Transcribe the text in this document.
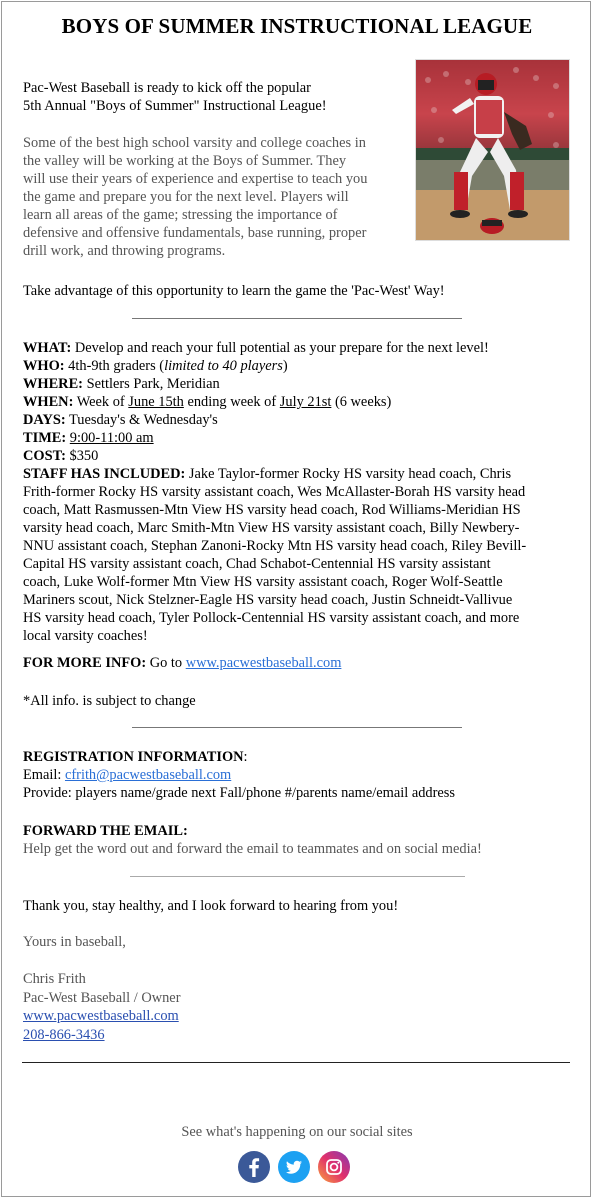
BOYS OF SUMMER INSTRUCTIONAL LEAGUE

Pac-West Baseball is ready to kick off the popular

5th Annual "Boys of Summer" Instructional League!

Some of the best high school varsity and college coaches in

the valley will be working at the Boys of Summer. They

will use their years of experience and expertise to teach you

the game and prepare you for the next level. Players will

learn all areas of the game; stressing the importance of

defensive and offensive fundamentals, base running, proper

drill work, and throwing programs.

Take advantage of this opportunity to learn the game the 'Pac-West' Way!

WHAT: Develop and reach your full potential as your prepare for the next level!

WHO: 4th-9th graders (limited to 40 players)

WHERE: Settlers Park, Meridian

WHEN: Week of June 15th ending week of July 21st (6 weeks)

DAYS: Tuesday's & Wednesday's

TIME: 9:00-11:00 am

COST: $350

STAFF HAS INCLUDED: Jake Taylor-former Rocky HS varsity head coach, Chris

Frith-former Rocky HS varsity assistant coach, Wes McAllaster-Borah HS varsity head

coach, Matt Rasmussen-Mtn View HS varsity head coach, Rod Williams-Meridian HS

varsity head coach, Marc Smith-Mtn View HS varsity assistant coach, Billy Newbery-

NNU assistant coach, Stephan Zanoni-Rocky Mtn HS varsity head coach, Riley Bevill-

Capital HS varsity assistant coach, Chad Schabot-Centennial HS varsity assistant

coach, Luke Wolf-former Mtn View HS varsity assistant coach, Roger Wolf-Seattle

Mariners scout, Nick Stelzner-Eagle HS varsity head coach, Justin Schneidt-Vallivue

HS varsity head coach, Tyler Pollock-Centennial HS varsity assistant coach, and more

local varsity coaches!

FOR MORE INFO: Go to www.pacwestbaseball.com

*All info. is subject to change

REGISTRATION INFORMATION:

Email: cfrith@pacwestbaseball.com

Provide: players name/grade next Fall/phone #/parents name/email address

FORWARD THE EMAIL:

Help get the word out and forward the email to teammates and on social media!

Thank you, stay healthy, and I look forward to hearing from you!

Yours in baseball,

Chris Frith

Pac-West Baseball / Owner

www.pacwestbaseball.com

208-866-3436

See what's happening on our social sites
